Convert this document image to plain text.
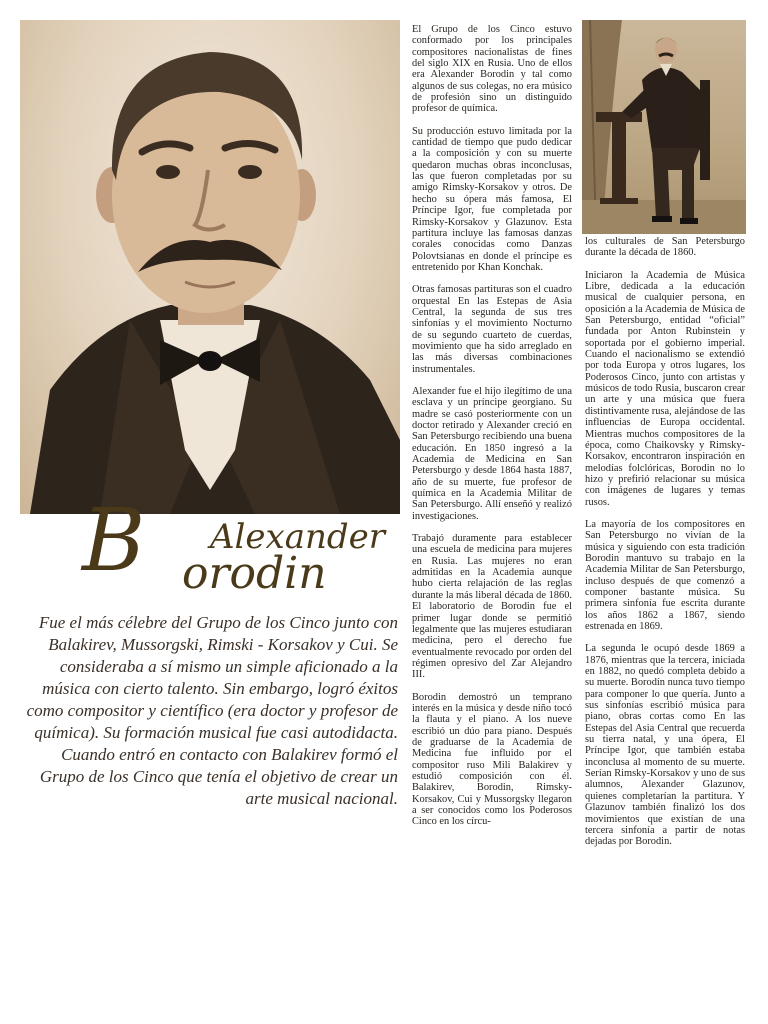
B Alexander
orodin
Fue el más célebre del Grupo de los Cinco junto con Balakirev, Mussorgski, Rimski - Korsakov y Cui. Se consideraba a sí mismo un simple aficionado a la música con cierto talento. Sin embargo, logró éxitos como compositor y científico (era doctor y profesor de química). Su formación musical fue casi autodidacta. Cuando entró en contacto con Balakirev formó el Grupo de los Cinco que tenía el objetivo de crear un arte musical nacional.

El Grupo de los Cinco estuvo conformado por los principales compositores nacionalistas de fines del siglo XIX en Rusia. Uno de ellos era Alexander Borodin y tal como algunos de sus colegas, no era músico de profesión sino un distinguido profesor de química.

Su producción estuvo limitada por la cantidad de tiempo que pudo dedicar a la composición y con su muerte quedaron muchas obras inconclusas, las que fueron completadas por su amigo Rimsky-Korsakov y otros. De hecho su ópera más famosa, El Príncipe Igor, fue completada por Rimsky-Korsakov y Glazunov. Esta partitura incluye las famosas danzas corales conocidas como Danzas Polovtsianas en donde el príncipe es entretenido por Khan Konchak.

Otras famosas partituras son el cuadro orquestal En las Estepas de Asia Central, la segunda de sus tres sinfonías y el movimiento Nocturno de su segundo cuarteto de cuerdas, movimiento que ha sido arreglado en las más diversas combinaciones instrumentales.

Alexander fue el hijo ilegítimo de una esclava y un príncipe georgiano. Su madre se casó posteriormente con un doctor retirado y Alexander creció en San Petersburgo recibiendo una buena educación. En 1850 ingresó a la Academia de Medicina en San Petersburgo y desde 1864 hasta 1887, año de su muerte, fue profesor de química en la Academia Militar de San Petersburgo. Allí enseñó y realizó investigaciones.

Trabajó duramente para establecer una escuela de medicina para mujeres en Rusia. Las mujeres no eran admitidas en la Academia aunque hubo cierta relajación de las reglas durante la más liberal década de 1860. El laboratorio de Borodin fue el primer lugar donde se permitió legalmente que las mujeres estudiaran medicina, pero el derecho fue eventualmente revocado por orden del régimen opresivo del Zar Alejandro III.

Borodin demostró un temprano interés en la música y desde niño tocó la flauta y el piano. A los nueve escribió un dúo para piano. Después de graduarse de la Academia de Medicina fue influido por el compositor ruso Mili Balakirev y estudió composición con él. Balakirev, Borodin, Rimsky-Korsakov, Cui y Mussorgsky llegaron a ser conocidos como los Poderosos Cinco en los círcu-

los culturales de San Petersburgo durante la década de 1860.

Iniciaron la Academia de Música Libre, dedicada a la educación musical de cualquier persona, en oposición a la Academia de Música de San Petersburgo, entidad “oficial” fundada por Anton Rubinstein y soportada por el gobierno imperial. Cuando el nacionalismo se extendió por toda Europa y otros lugares, los Poderosos Cinco, junto con artistas y músicos de todo Rusia, buscaron crear un arte y una música que fuera distintivamente rusa, alejándose de las influencias de Europa occidental. Mientras muchos compositores de la época, como Chaikovsky y Rimsky-Korsakov, encontraron inspiración en melodías folclóricas, Borodin no lo hizo y prefirió relacionar su música con imágenes de lugares y temas rusos.

La mayoría de los compositores en San Petersburgo no vivían de la música y siguiendo con esta tradición Borodin mantuvo su trabajo en la Academia Militar de San Petersburgo, incluso después de que comenzó a componer bastante música. Su primera sinfonía fue escrita durante los años 1862 a 1867, siendo estrenada en 1869.

La segunda le ocupó desde 1869 a 1876, mientras que la tercera, iniciada en 1882, no quedó completa debido a su muerte. Borodín nunca tuvo tiempo para componer lo que quería. Junto a sus sinfonías escribió música para piano, obras cortas como En las Estepas del Asia Central que recuerda su tierra natal, y una ópera, El Príncipe Igor, que también estaba inconclusa al momento de su muerte. Serían Rimsky-Korsakov y uno de sus alumnos, Alexander Glazunov, quienes completarían la partitura. Y Glazunov también finalizó los dos movimientos que existían de una tercera sinfonía a partir de notas dejadas por Borodin.
